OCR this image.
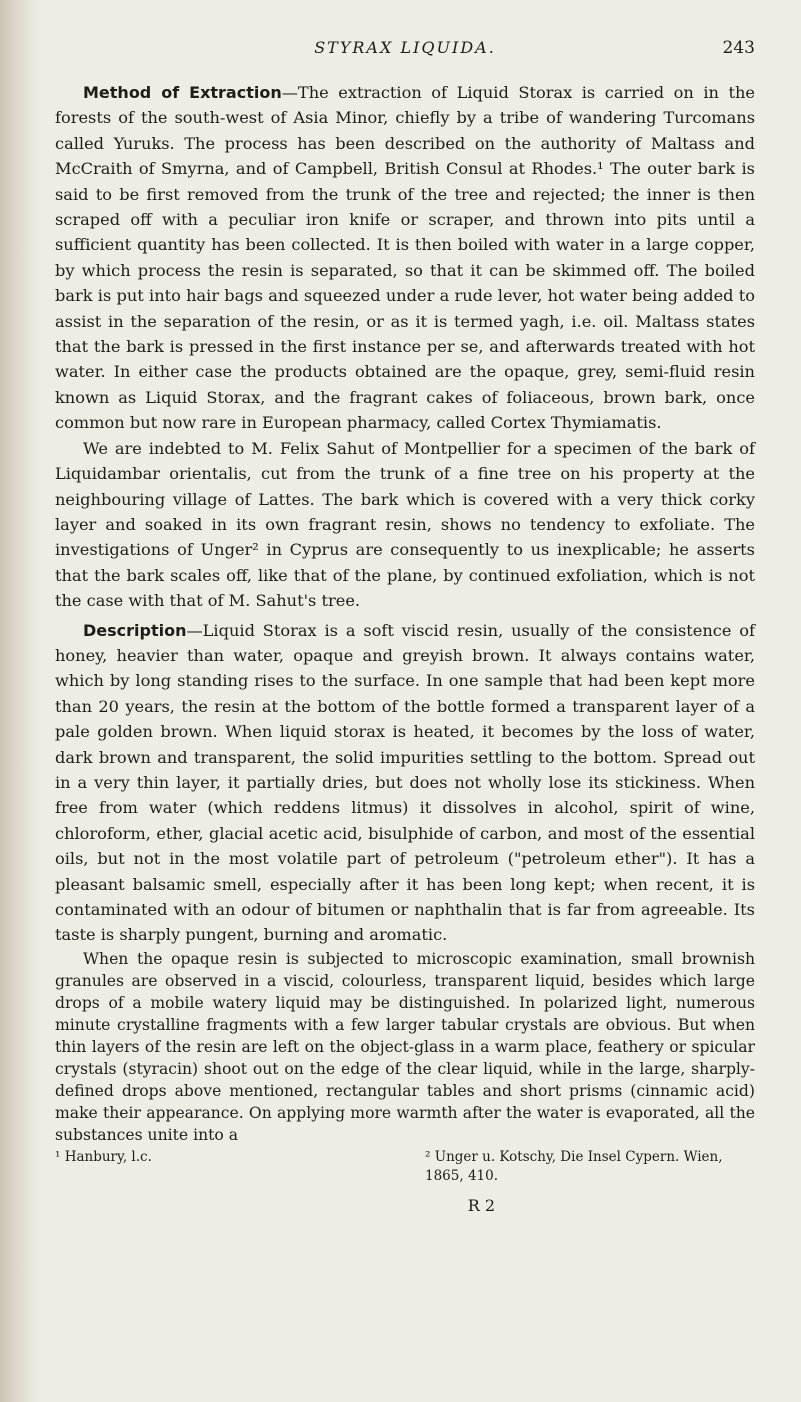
STYRAX LIQUIDA.	243

Method of Extraction—The extraction of Liquid Storax is carried on in the forests of the south-west of Asia Minor, chiefly by a tribe of wandering Turcomans called Yuruks. The process has been described on the authority of Maltass and McCraith of Smyrna, and of Campbell, British Consul at Rhodes.¹ The outer bark is said to be first removed from the trunk of the tree and rejected; the inner is then scraped off with a peculiar iron knife or scraper, and thrown into pits until a sufficient quantity has been collected. It is then boiled with water in a large copper, by which process the resin is separated, so that it can be skimmed off. The boiled bark is put into hair bags and squeezed under a rude lever, hot water being added to assist in the separation of the resin, or as it is termed yagh, i.e. oil. Maltass states that the bark is pressed in the first instance per se, and afterwards treated with hot water. In either case the products obtained are the opaque, grey, semi-fluid resin known as Liquid Storax, and the fragrant cakes of foliaceous, brown bark, once common but now rare in European pharmacy, called Cortex Thymiamatis.

We are indebted to M. Felix Sahut of Montpellier for a specimen of the bark of Liquidambar orientalis, cut from the trunk of a fine tree on his property at the neighbouring village of Lattes. The bark which is covered with a very thick corky layer and soaked in its own fragrant resin, shows no tendency to exfoliate. The investigations of Unger² in Cyprus are consequently to us inexplicable; he asserts that the bark scales off, like that of the plane, by continued exfoliation, which is not the case with that of M. Sahut's tree.

Description—Liquid Storax is a soft viscid resin, usually of the consistence of honey, heavier than water, opaque and greyish brown. It always contains water, which by long standing rises to the surface. In one sample that had been kept more than 20 years, the resin at the bottom of the bottle formed a transparent layer of a pale golden brown. When liquid storax is heated, it becomes by the loss of water, dark brown and transparent, the solid impurities settling to the bottom. Spread out in a very thin layer, it partially dries, but does not wholly lose its stickiness. When free from water (which reddens litmus) it dissolves in alcohol, spirit of wine, chloroform, ether, glacial acetic acid, bisulphide of carbon, and most of the essential oils, but not in the most volatile part of petroleum ("petroleum ether"). It has a pleasant balsamic smell, especially after it has been long kept; when recent, it is contaminated with an odour of bitumen or naphthalin that is far from agreeable. Its taste is sharply pungent, burning and aromatic.

When the opaque resin is subjected to microscopic examination, small brownish granules are observed in a viscid, colourless, transparent liquid, besides which large drops of a mobile watery liquid may be distinguished. In polarized light, numerous minute crystalline fragments with a few larger tabular crystals are obvious. But when thin layers of the resin are left on the object-glass in a warm place, feathery or spicular crystals (styracin) shoot out on the edge of the clear liquid, while in the large, sharply-defined drops above mentioned, rectangular tables and short prisms (cinnamic acid) make their appearance. On applying more warmth after the water is evaporated, all the substances unite into a

¹ Hanbury, l.c.	² Unger u. Kotschy, Die Insel Cypern. Wien, 1865, 410.
R 2
